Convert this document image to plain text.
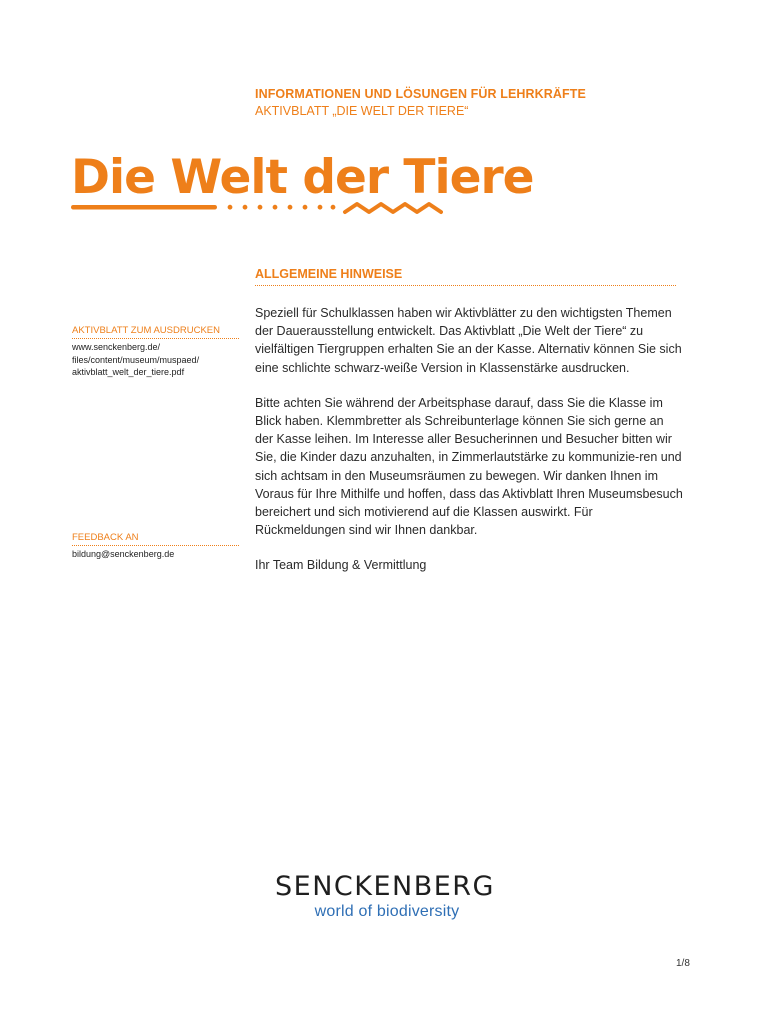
INFORMATIONEN UND LÖSUNGEN FÜR LEHRKRÄFTE
AKTIVBLATT „DIE WELT DER TIERE“
Die Welt der Tiere
ALLGEMEINE HINWEISE

Speziell für Schulklassen haben wir Aktivblätter zu den wichtigsten Themen der Dauerausstellung entwickelt. Das Aktivblatt „Die Welt der Tiere“ zu vielfältigen Tiergruppen erhalten Sie an der Kasse. Alternativ können Sie sich eine schlichte schwarz-weiße Version in Klassenstärke ausdrucken.

Bitte achten Sie während der Arbeitsphase darauf, dass Sie die Klasse im Blick haben. Klemmbretter als Schreibunterlage können Sie sich gerne an der Kasse leihen. Im Interesse aller Besucherinnen und Besucher bitten wir Sie, die Kinder dazu anzuhalten, in Zimmerlautstärke zu kommunizie-ren und sich achtsam in den Museumsräumen zu bewegen. Wir danken Ihnen im Voraus für Ihre Mithilfe und hoffen, dass das Aktivblatt Ihren Museumsbesuch bereichert und sich motivierend auf die Klassen auswirkt. Für Rückmeldungen sind wir Ihnen dankbar.

Ihr Team Bildung & Vermittlung

AKTIVBLATT ZUM AUSDRUCKEN
www.senckenberg.de/
files/content/museum/muspaed/
aktivblatt_welt_der_tiere.pdf
FEEDBACK AN
bildung@senckenberg.de
SENCKENBERG
world of biodiversity
1/8
